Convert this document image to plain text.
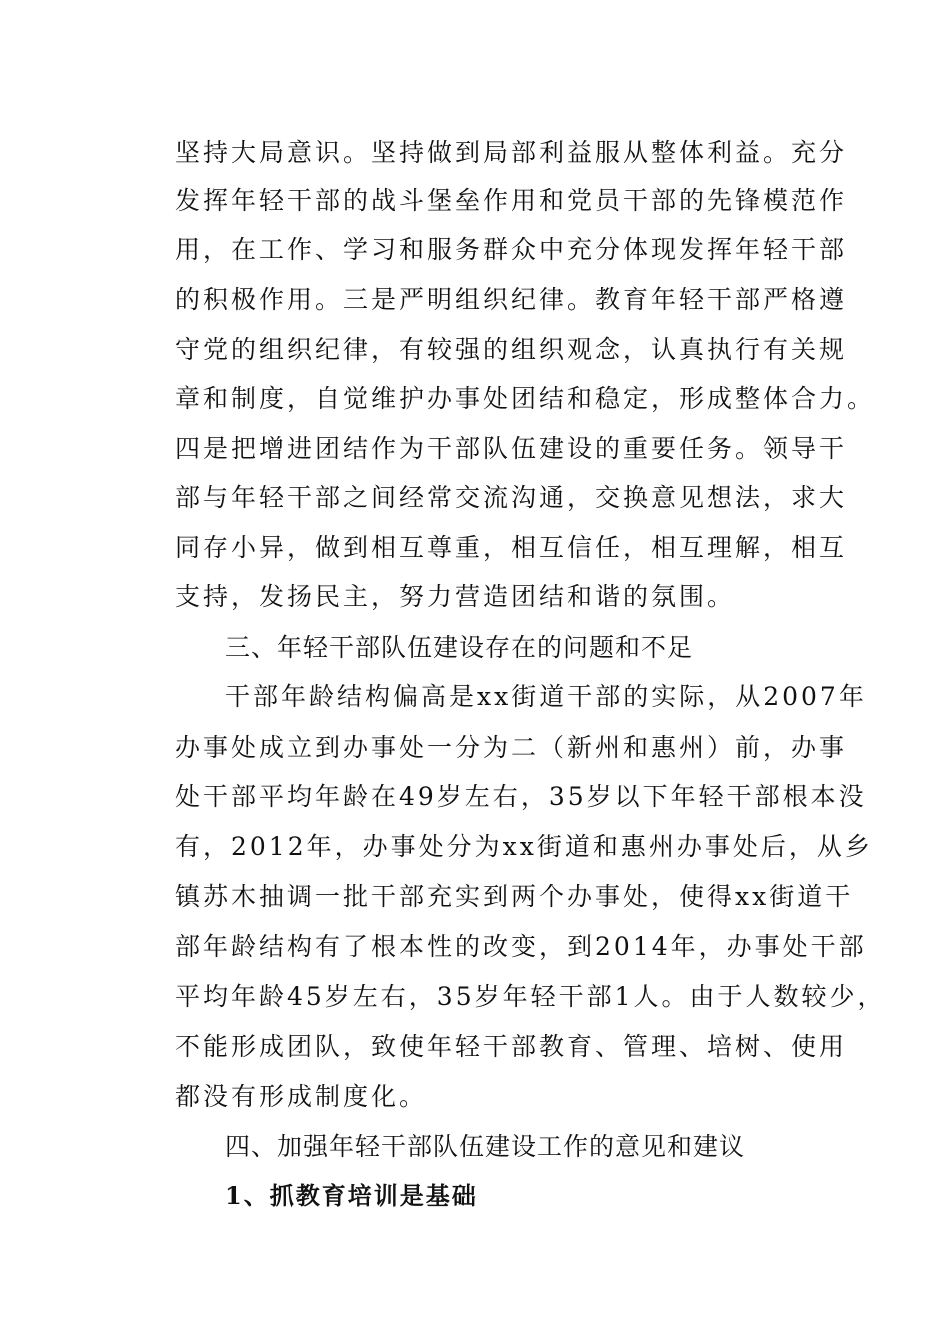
坚持大局意识。坚持做到局部利益服从整体利益。充分
发挥年轻干部的战斗堡垒作用和党员干部的先锋模范作
用，在工作、学习和服务群众中充分体现发挥年轻干部
的积极作用。三是严明组织纪律。教育年轻干部严格遵
守党的组织纪律，有较强的组织观念，认真执行有关规
章和制度，自觉维护办事处团结和稳定，形成整体合力。
四是把增进团结作为干部队伍建设的重要任务。领导干
部与年轻干部之间经常交流沟通，交换意见想法，求大
同存小异，做到相互尊重，相互信任，相互理解，相互
支持，发扬民主，努力营造团结和谐的氛围。
三、年轻干部队伍建设存在的问题和不足
干部年龄结构偏高是xx街道干部的实际，从2007年
办事处成立到办事处一分为二（新州和惠州）前，办事
处干部平均年龄在49岁左右，35岁以下年轻干部根本没
有，2012年，办事处分为xx街道和惠州办事处后，从乡
镇苏木抽调一批干部充实到两个办事处，使得xx街道干
部年龄结构有了根本性的改变，到2014年，办事处干部
平均年龄45岁左右，35岁年轻干部1人。由于人数较少，
不能形成团队，致使年轻干部教育、管理、培树、使用
都没有形成制度化。
四、加强年轻干部队伍建设工作的意见和建议
1、抓教育培训是基础
